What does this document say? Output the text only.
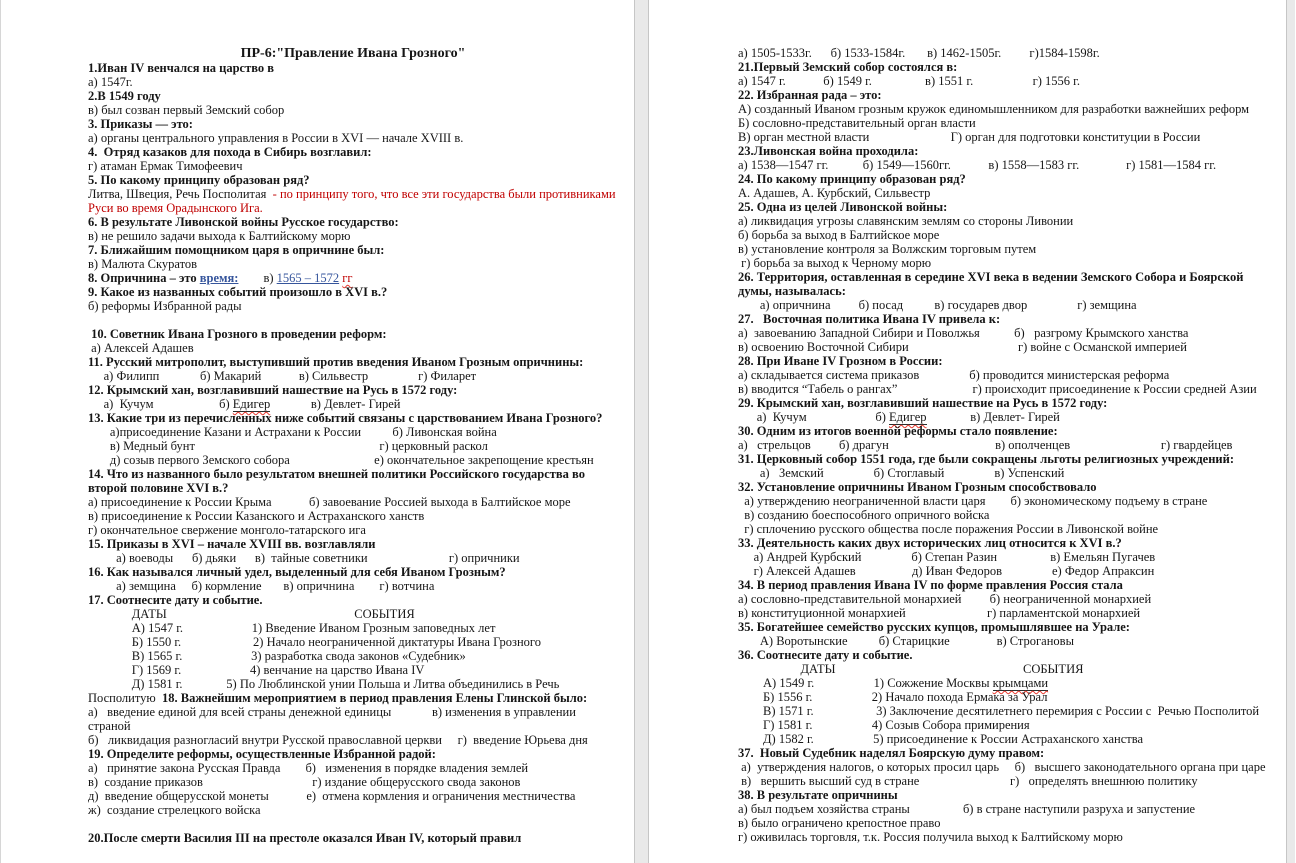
ПР-6:"Правление Ивана Грозного"
1.Иван IV венчался на царство в
а) 1547г.
2.В 1549 году
в) был созван первый Земский собор
3. Приказы — это:
а) органы центрального управления в России в XVI — начале XVIII в.
4.  Отряд казаков для похода в Сибирь возглавил:
г) атаман Ермак Тимофеевич
5. По какому принципу образован ряд?
Литва, Швеция, Речь Посполитая  - по принципу того, что все эти государства были противниками
Руси во время Орадынского Ига.
6. В результате Ливонской войны Русское государство:
в) не решило задачи выхода к Балтийскому морю
7. Ближайшим помощником царя в опричнине был:
в) Малюта Скуратов
8. Опричнина – это время:        в) 1565 – 1572 гг
9. Какое из названных событий произошло в XVI в.?
б) реформы Избранной рады
10. Советник Ивана Грозного в проведении реформ:
а) Алексей Адашев
11. Русский митрополит, выступивший против введения Иваном Грозным опричнины:
а) Филипп             б) Макарий            в) Сильвестр                г) Филарет
12. Крымский хан, возглавивший нашествие на Русь в 1572 году:
а)  Кучум                     б) Едигер             в) Девлет- Гирей
13. Какие три из перечисленных ниже событий связаны с царствованием Ивана Грозного?
а)присоединение Казани и Астрахани к России          б) Ливонская война
в) Медный бунт                                                           г) церковный раскол
д) созыв первого Земского собора                           е) окончательное закрепощение крестьян
14. Что из названного было результатом внешней политики Российского государства во
второй половине XVI в.?
а) присоединение к России Крыма            б) завоевание Россией выхода в Балтийское море
в) присоединение к России Казанского и Астраханского ханств
г) окончательное свержение монголо-татарского ига
15. Приказы в XVI – начале XVIII вв. возглавляли
а) воеводы      б) дьяки      в)  тайные советники                          г) опричники
16. Как назывался личный удел, выделенный для себя Иваном Грозным?
а) земщина     б) кормление       в) опричнина        г) вотчина
17. Соотнесите дату и событие.
ДАТЫ                                                            СОБЫТИЯ
А) 1547 г.                      1) Введение Иваном Грозным заповедных лет
Б) 1550 г.                       2) Начало неограниченной диктатуры Ивана Грозного
В) 1565 г.                      3) разработка свода законов «Судебник»
Г) 1569 г.                      4) венчание на царство Ивана IV
Д) 1581 г.              5) По Люблинской унии Польша и Литва объединились в Речь
Посполитую  18. Важнейшим мероприятием в период правления Елены Глинской было:
а)   введение единой для всей страны денежной единицы             в) изменения в управлении
страной
б)   ликвидация разногласий внутри Русской православной церкви     г)  введение Юрьева дня
19. Определите реформы, осуществленные Избранной радой:
а)   принятие закона Русская Правда        б)   изменения в порядке владения землей
в)  создание приказов                                   г) издание общерусского свода законов
д)  введение общерусской монеты            е)  отмена кормления и ограничения местничества
ж)  создание стрелецкого войска
20.После смерти Василия III на престоле оказался Иван IV, который правил
а) 1505-1533г.      б) 1533-1584г.       в) 1462-1505г.         г)1584-1598г.
21.Первый Земский собор состоялся в:
а) 1547 г.            б) 1549 г.                 в) 1551 г.                   г) 1556 г.
22. Избранная рада – это:
А) созданный Иваном грозным кружок единомышленником для разработки важнейших реформ
Б) сословно-представительный орган власти
В) орган местной власти                          Г) орган для подготовки конституции в России
23.Ливонская война проходила:
а) 1538—1547 гг.           б) 1549—1560гг.            в) 1558—1583 гг.               г) 1581—1584 гг.
24. По какому принципу образован ряд?
А. Адашев, А. Курбский, Сильвестр
25. Одна из целей Ливонской войны:
а) ликвидация угрозы славянским землям со стороны Ливонии
б) борьба за выход в Балтийское море
в) установление контроля за Волжским торговым путем
г) борьба за выход к Черному морю
26. Территория, оставленная в середине XVI века в ведении Земского Собора и Боярской
думы, называлась:
а) опричнина         б) посад          в) государев двор                г) земщина
27.   Восточная политика Ивана IV привела к:
а)  завоеванию Западной Сибири и Поволжья           б)   разгрому Крымского ханства
в) освоению Восточной Сибири                                   г) войне с Османской империей
28. При Иване IV Грозном в России:
а) складывается система приказов                б) проводится министерская реформа
в) вводится “Табель о рангах”                        г) происходит присоединение к России средней Азии
29. Крымский хан, возглавивший нашествие на Русь в 1572 году:
а)  Кучум                      б) Едигер              в) Девлет- Гирей
30. Одним из итогов военной реформы стало появление:
а)   стрельцов         б) драгун                                  в) ополченцев                             г) гвардейцев
31. Церковный собор 1551 года, где были сокращены льготы религиозных учреждений:
а)   Земский                б) Стоглавый                в) Успенский
32. Установление опричнины Иваном Грозным способствовало
а) утверждению неограниченной власти царя        б) экономическому подъему в стране
в) созданию боеспособного опричного войска
г) сплочению русского общества после поражения России в Ливонской войне
33. Деятельность каких двух исторических лиц относится к XVI в.?
а) Андрей Курбский                б) Степан Разин                 в) Емельян Пугачев
г) Алексей Адашев                  д) Иван Федоров                е) Федор Апраксин
34. В период правления Ивана IV по форме правления Россия стала
а) сословно-представительной монархией         б) неограниченной монархией
в) конституционной монархией                          г) парламентской монархией
35. Богатейшее семейство русских купцов, промышлявшее на Урале:
А) Воротынские          б) Старицкие               в) Строгановы
36. Соотнесите дату и событие.
ДАТЫ                                                            СОБЫТИЯ
А) 1549 г.                   1) Сожжение Москвы крымцами
Б) 1556 г.                   2) Начало похода Ермака за Урал
В) 1571 г.                    3) Заключение десятилетнего перемирия с России с  Речью Посполитой
Г) 1581 г.                   4) Созыв Собора примирения
Д) 1582 г.                   5) присоединение к России Астраханского ханства
37.  Новый Судебник наделял Боярскую думу правом:
а)  утверждения налогов, о которых просил царь     б)   высшего законодательного органа при царе
в)   вершить высший суд в стране                             г)   определять внешнюю политику
38. В результате опричнины
а) был подъем хозяйства страны                 б) в стране наступили разруха и запустение
в) было ограничено крепостное право
г) оживилась торговля, т.к. Россия получила выход к Балтийскому морю
